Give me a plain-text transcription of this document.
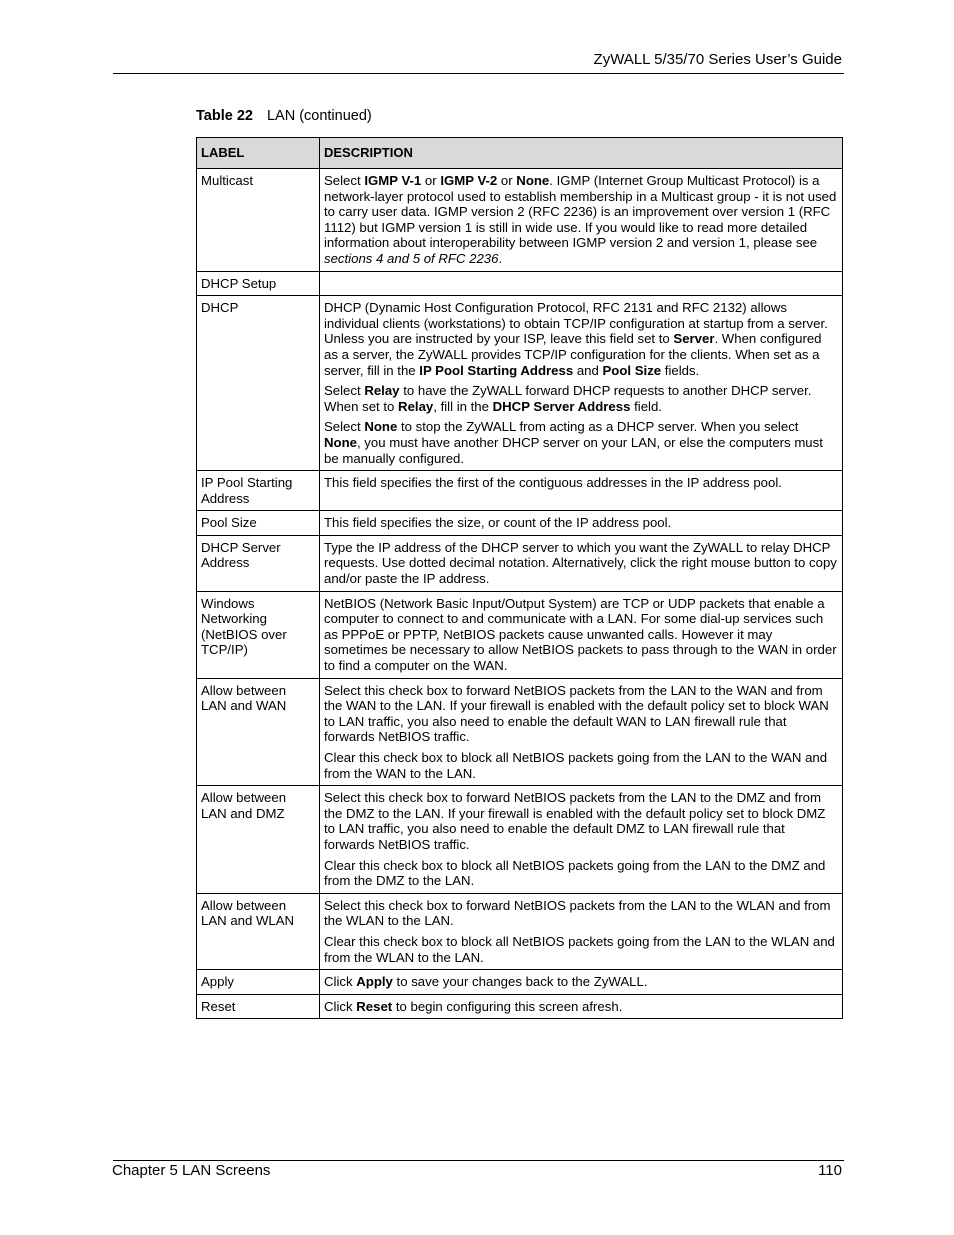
ZyWALL 5/35/70 Series User’s Guide
Table 22 LAN (continued)
LABEL	DESCRIPTION
Multicast	Select IGMP V-1 or IGMP V-2 or None. IGMP (Internet Group Multicast Protocol) is a network-layer protocol used to establish membership in a Multicast group - it is not used to carry user data. IGMP version 2 (RFC 2236) is an improvement over version 1 (RFC 1112) but IGMP version 1 is still in wide use. If you would like to read more detailed information about interoperability between IGMP version 2 and version 1, please see sections 4 and 5 of RFC 2236.

DHCP Setup	
DHCP	DHCP (Dynamic Host Configuration Protocol, RFC 2131 and RFC 2132) allows individual clients (workstations) to obtain TCP/IP configuration at startup from a server. Unless you are instructed by your ISP, leave this field set to Server. When configured as a server, the ZyWALL provides TCP/IP configuration for the clients. When set as a server, fill in the IP Pool Starting Address and Pool Size fields.

Select Relay to have the ZyWALL forward DHCP requests to another DHCP server. When set to Relay, fill in the DHCP Server Address field.

Select None to stop the ZyWALL from acting as a DHCP server. When you select None, you must have another DHCP server on your LAN, or else the computers must be manually configured.

IP Pool Starting Address	This field specifies the first of the contiguous addresses in the IP address pool.

Pool Size	This field specifies the size, or count of the IP address pool.

DHCP Server Address	Type the IP address of the DHCP server to which you want the ZyWALL to relay DHCP requests. Use dotted decimal notation. Alternatively, click the right mouse button to copy and/or paste the IP address.

Windows Networking (NetBIOS over TCP/IP)	NetBIOS (Network Basic Input/Output System) are TCP or UDP packets that enable a computer to connect to and communicate with a LAN. For some dial-up services such as PPPoE or PPTP, NetBIOS packets cause unwanted calls. However it may sometimes be necessary to allow NetBIOS packets to pass through to the WAN in order to find a computer on the WAN.

Allow between LAN and WAN	Select this check box to forward NetBIOS packets from the LAN to the WAN and from the WAN to the LAN. If your firewall is enabled with the default policy set to block WAN to LAN traffic, you also need to enable the default WAN to LAN firewall rule that forwards NetBIOS traffic.

Clear this check box to block all NetBIOS packets going from the LAN to the WAN and from the WAN to the LAN.

Allow between LAN and DMZ	Select this check box to forward NetBIOS packets from the LAN to the DMZ and from the DMZ to the LAN. If your firewall is enabled with the default policy set to block DMZ to LAN traffic, you also need to enable the default DMZ to LAN firewall rule that forwards NetBIOS traffic.

Clear this check box to block all NetBIOS packets going from the LAN to the DMZ and from the DMZ to the LAN.

Allow between LAN and WLAN	Select this check box to forward NetBIOS packets from the LAN to the WLAN and from the WLAN to the LAN.

Clear this check box to block all NetBIOS packets going from the LAN to the WLAN and from the WLAN to the LAN.

Apply	Click Apply to save your changes back to the ZyWALL.

Reset	Click Reset to begin configuring this screen afresh.

Chapter 5 LAN Screens	110
